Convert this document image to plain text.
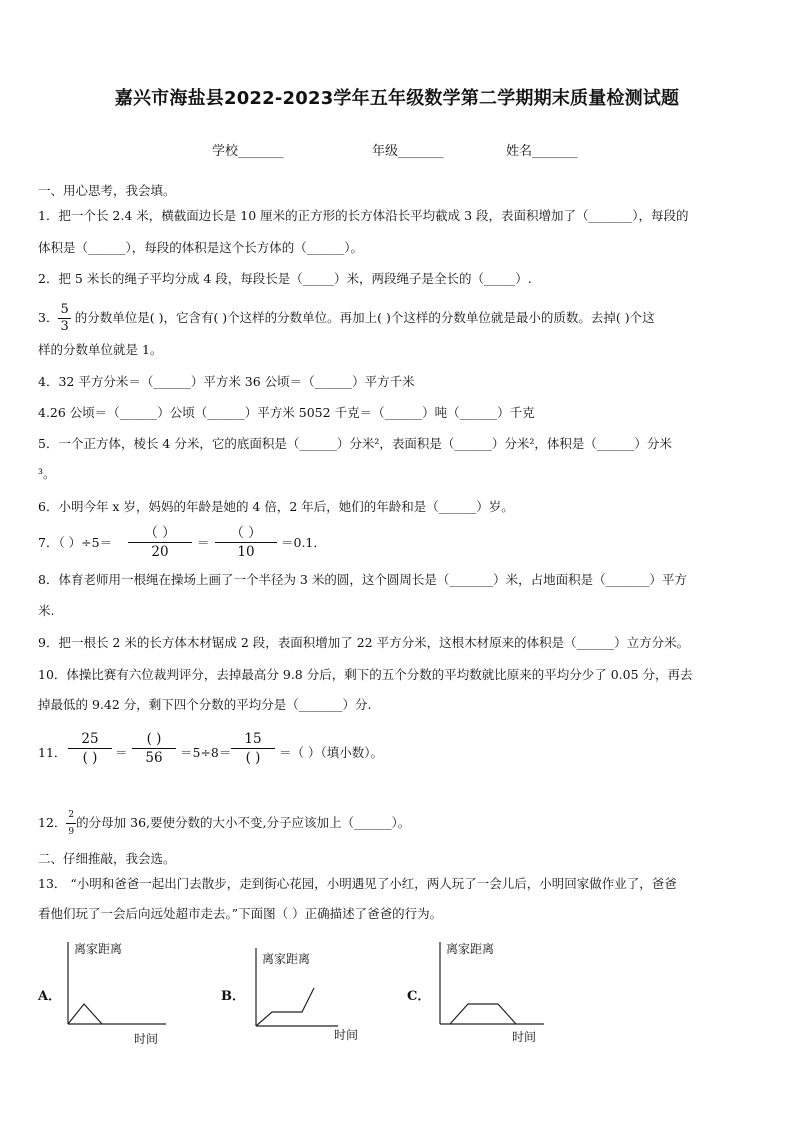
嘉兴市海盐县2022-2023学年五年级数学第二学期期末质量检测试题
学校_______	年级_______	姓名_______
一、用心思考，我会填。
1．把一个长 2.4 米，横截面边长是 10 厘米的正方形的长方体沿长平均截成 3 段，表面积增加了（_______），每段的
体积是（______），每段的体积是这个长方体的（______）。
2．把 5 米长的绳子平均分成 4 段，每段长是（_____）米，两段绳子是全长的（_____）.
3． $\frac{5}{3}$ 的分数单位是( )，它含有( )个这样的分数单位。再加上( )个这样的分数单位就是最小的质数。去掉( )个这
样的分数单位就是 1。
4．32 平方分米＝（______）平方米 36 公顷＝（______）平方千米
4.26 公顷＝（______）公顷（______）平方米 5052 千克＝（______）吨（______）千克
5．一个正方体，棱长 4 分米，它的底面积是（______）分米²，表面积是（______）分米²，体积是（______）分米
³。
6．小明今年 x 岁，妈妈的年龄是她的 4 倍，2 年后，她们的年龄和是（______）岁。
7．（ ）÷5＝
（ ）
20
＝
（ ）
10
＝0.1．
8．体育老师用一根绳在操场上画了一个半径为 3 米的圆，这个圆周长是（_______）米，占地面积是（_______）平方
米.
9．把一根长 2 米的长方体木材锯成 2 段，表面积增加了 22 平方分米，这根木材原来的体积是（______）立方分米。
10．体操比赛有六位裁判评分，去掉最高分 9.8 分后，剩下的五个分数的平均数就比原来的平均分少了 0.05 分，再去
掉最低的 9.42 分，剩下四个分数的平均分是（_______）分.
11．
25
( )	＝
( )
56	＝5÷8＝
15
( )	＝（ ）（填小数）。
12． $\frac{2}{9}$ 的分母加 36,要使分数的大小不变,分子应该加上（______）。
二、仔细推敲，我会选。
13． “小明和爸爸一起出门去散步，走到街心花园，小明遇见了小红，两人玩了一会儿后，小明回家做作业了，爸爸
看他们玩了一会后向远处超市走去。”下面图（ ）正确描述了爸爸的行为。
A．
离家距离
时间
B．
离家距离
时间
C．
离家距离
时间
